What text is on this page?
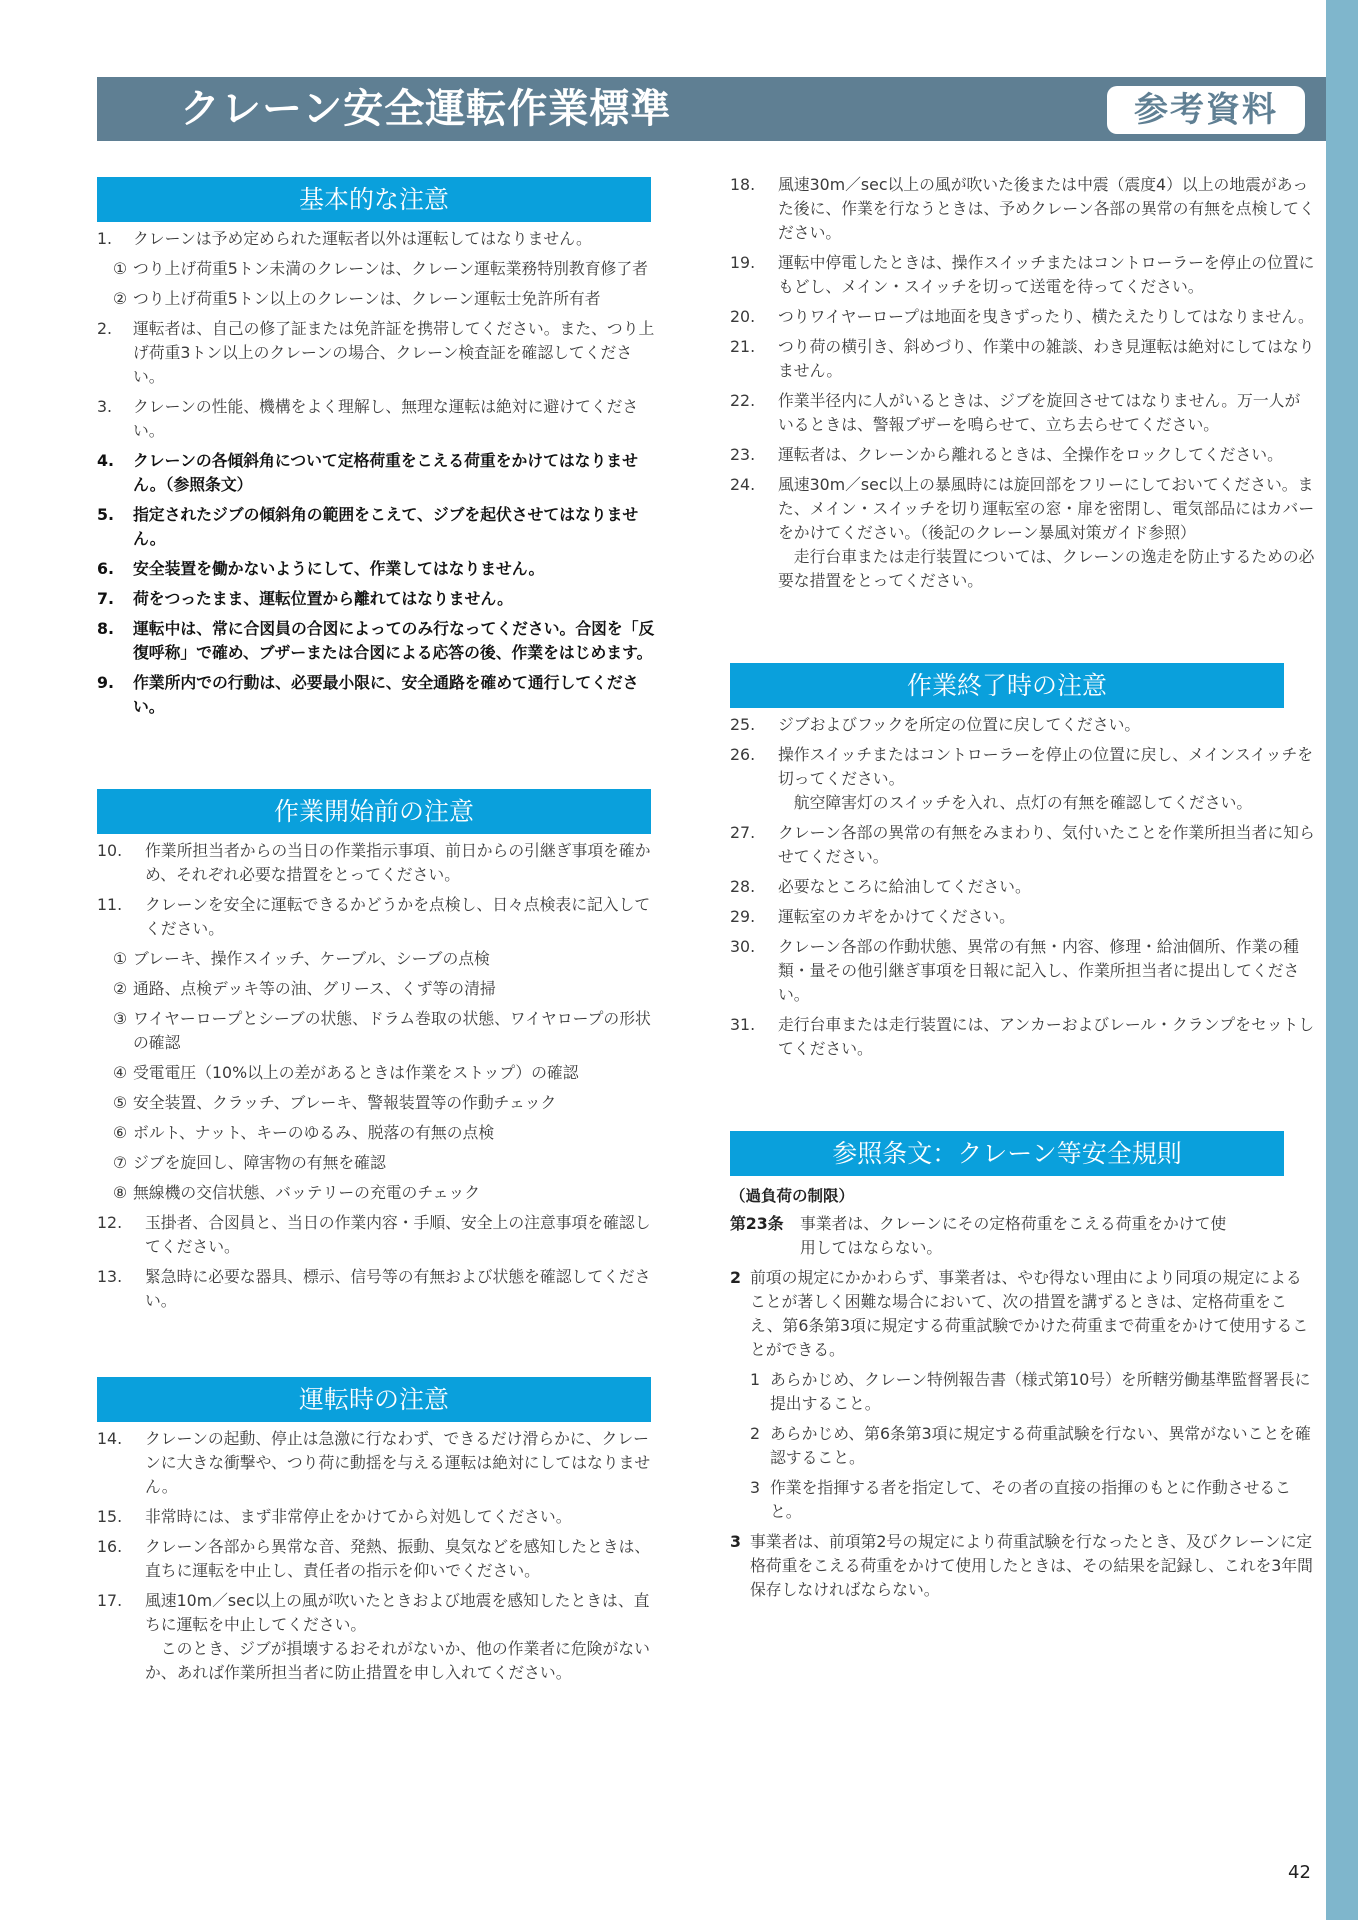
クレーン安全運転作業標準	参考資料
基本的な注意
1.	クレーンは予め定められた運転者以外は運転してはなりません。
① つり上げ荷重5トン未満のクレーンは、クレーン運転業務特別教育修了者
② つり上げ荷重5トン以上のクレーンは、クレーン運転士免許所有者
2.	運転者は、自己の修了証または免許証を携帯してください。また、つり上げ荷重3トン以上のクレーンの場合、クレーン検査証を確認してください。
3.	クレーンの性能、機構をよく理解し、無理な運転は絶対に避けてください。
4.	クレーンの各傾斜角について定格荷重をこえる荷重をかけてはなりません。（参照条文）
5.	指定されたジブの傾斜角の範囲をこえて、ジブを起伏させてはなりません。
6.	安全装置を働かないようにして、作業してはなりません。
7.	荷をつったまま、運転位置から離れてはなりません。
8.	運転中は、常に合図員の合図によってのみ行なってください。合図を「反復呼称」で確め、ブザーまたは合図による応答の後、作業をはじめます。
9.	作業所内での行動は、必要最小限に、安全通路を確めて通行してください。
作業開始前の注意
10.	作業所担当者からの当日の作業指示事項、前日からの引継ぎ事項を確かめ、それぞれ必要な措置をとってください。
11.	クレーンを安全に運転できるかどうかを点検し、日々点検表に記入してください。
① ブレーキ、操作スイッチ、ケーブル、シーブの点検
② 通路、点検デッキ等の油、グリース、くず等の清掃
③ ワイヤーロープとシーブの状態、ドラム巻取の状態、ワイヤロープの形状の確認
④ 受電電圧（10%以上の差があるときは作業をストップ）の確認
⑤ 安全装置、クラッチ、ブレーキ、警報装置等の作動チェック
⑥ ボルト、ナット、キーのゆるみ、脱落の有無の点検
⑦ ジブを旋回し、障害物の有無を確認
⑧ 無線機の交信状態、バッテリーの充電のチェック
12.	玉掛者、合図員と、当日の作業内容・手順、安全上の注意事項を確認してください。
13.	緊急時に必要な器具、標示、信号等の有無および状態を確認してください。
運転時の注意
14.	クレーンの起動、停止は急激に行なわず、できるだけ滑らかに、クレーンに大きな衝撃や、つり荷に動揺を与える運転は絶対にしてはなりません。
15.	非常時には、まず非常停止をかけてから対処してください。
16.	クレーン各部から異常な音、発熱、振動、臭気などを感知したときは、直ちに運転を中止し、責任者の指示を仰いでください。
17.	風速10m／sec以上の風が吹いたときおよび地震を感知したときは、直ちに運転を中止してください。
このとき、ジブが損壊するおそれがないか、他の作業者に危険がないか、あれば作業所担当者に防止措置を申し入れてください。
18.	風速30m／sec以上の風が吹いた後または中震（震度4）以上の地震があった後に、作業を行なうときは、予めクレーン各部の異常の有無を点検してください。
19.	運転中停電したときは、操作スイッチまたはコントローラーを停止の位置にもどし、メイン・スイッチを切って送電を待ってください。
20.	つりワイヤーロープは地面を曳きずったり、横たえたりしてはなりません。
21.	つり荷の横引き、斜めづり、作業中の雑談、わき見運転は絶対にしてはなりません。
22.	作業半径内に人がいるときは、ジブを旋回させてはなりません。万一人がいるときは、警報ブザーを鳴らせて、立ち去らせてください。
23.	運転者は、クレーンから離れるときは、全操作をロックしてください。
24.	風速30m／sec以上の暴風時には旋回部をフリーにしておいてください。また、メイン・スイッチを切り運転室の窓・扉を密閉し、電気部品にはカバーをかけてください。（後記のクレーン暴風対策ガイド参照）
走行台車または走行装置については、クレーンの逸走を防止するための必要な措置をとってください。
作業終了時の注意
25.	ジブおよびフックを所定の位置に戻してください。
26.	操作スイッチまたはコントローラーを停止の位置に戻し、メインスイッチを切ってください。
航空障害灯のスイッチを入れ、点灯の有無を確認してください。
27.	クレーン各部の異常の有無をみまわり、気付いたことを作業所担当者に知らせてください。
28.	必要なところに給油してください。
29.	運転室のカギをかけてください。
30.	クレーン各部の作動状態、異常の有無・内容、修理・給油個所、作業の種類・量その他引継ぎ事項を日報に記入し、作業所担当者に提出してください。
31.	走行台車または走行装置には、アンカーおよびレール・クランプをセットしてください。
参照条文：クレーン等安全規則
（過負荷の制限）
第23条	事業者は、クレーンにその定格荷重をこえる荷重をかけて使
用してはならない。
2 前項の規定にかかわらず、事業者は、やむ得ない理由により同項の規定によることが著しく困難な場合において、次の措置を講ずるときは、定格荷重をこえ、第6条第3項に規定する荷重試験でかけた荷重まで荷重をかけて使用することができる。
1 あらかじめ、クレーン特例報告書（様式第10号）を所轄労働基準監督署長に提出すること。
2 あらかじめ、第6条第3項に規定する荷重試験を行ない、異常がないことを確認すること。
3 作業を指揮する者を指定して、その者の直接の指揮のもとに作動させること。
3 事業者は、前項第2号の規定により荷重試験を行なったとき、及びクレーンに定格荷重をこえる荷重をかけて使用したときは、その結果を記録し、これを3年間保存しなければならない。
42
